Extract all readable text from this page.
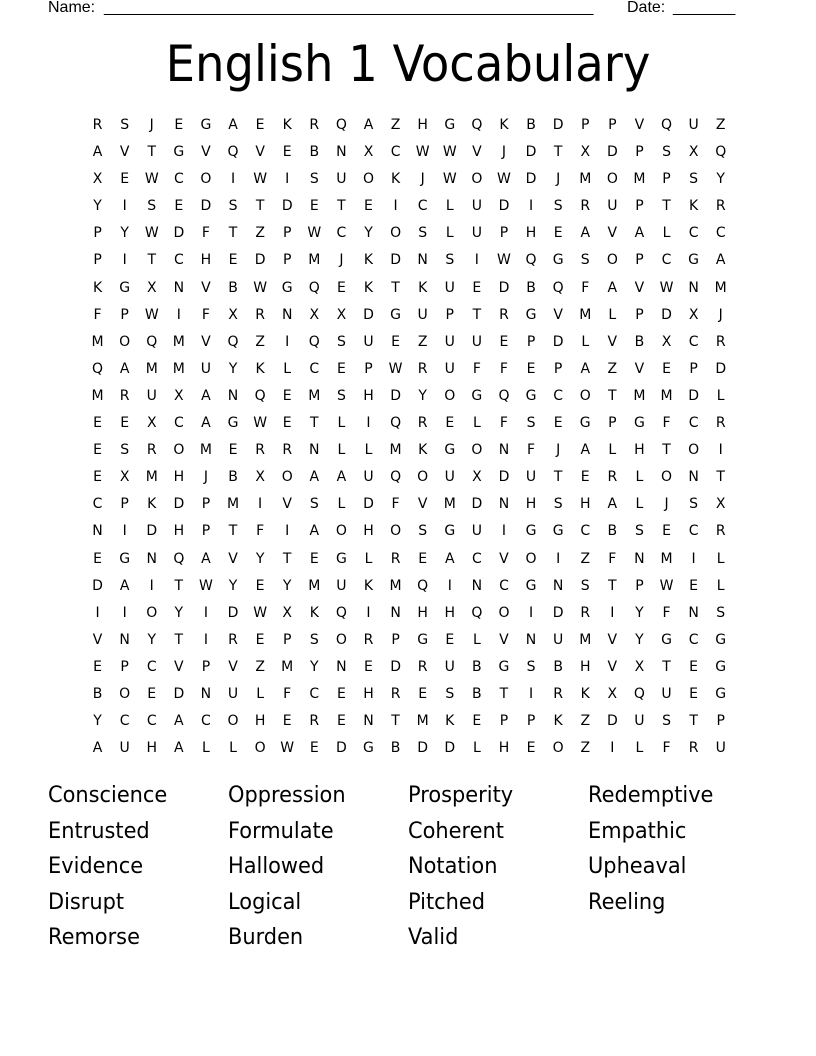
Name: _______________________________________________________ Date: _______
English 1 Vocabulary
R	S	J	E	G	A	E	K	R	Q	A	Z	H	G	Q	K	B	D	P	P	V	Q	U	Z
A	V	T	G	V	Q	V	E	B	N	X	C	W W	V	J	D	T	X	D	P	S	X	Q
X	E	W	C	O	I	W	I	S	U	O	K	J	W	O	W	D	J	M	O	M	P	S	Y
Y	I	S	E	D	S	T	D	E	T	E	I	C	L	U	D	I	S	R	U	P	T	K	R
P	Y	W	D	F	T	Z	P	W	C	Y	O	S	L	U	P	H	E	A	V	A	L	C	C
P	I	T	C	H	E	D	P	M	J	K	D	N	S	I	W	Q	G	S	O	P	C	G	A
K	G	X	N	V	B	W	G	Q	E	K	T	K	U	E	D	B	Q	F	A	V	W	N	M
F	P	W	I	F	X	R	N	X	X	D	G	U	P	T	R	G	V	M	L	P	D	X	J
M	O	Q	M	V	Q	Z	I	Q	S	U	E	Z	U	U	E	P	D	L	V	B	X	C	R
Q	A	M	M	U	Y	K	L	C	E	P	W	R	U	F	F	E	P	A	Z	V	E	P	D
M	R	U	X	A	N	Q	E	M	S	H	D	Y	O	G	Q	G	C	O	T	M	M	D	L
E	E	X	C	A	G	W	E	T	L	I	Q	R	E	L	F	S	E	G	P	G	F	C	R
E	S	R	O	M	E	R	R	N	L	L	M	K	G	O	N	F	J	A	L	H	T	O	I
E	X	M	H	J	B	X	O	A	A	U	Q	O	U	X	D	U	T	E	R	L	O	N	T
C	P	K	D	P	M	I	V	S	L	D	F	V	M	D	N	H	S	H	A	L	J	S	X
N	I	D	H	P	T	F	I	A	O	H	O	S	G	U	I	G	G	C	B	S	E	C	R
E	G	N	Q	A	V	Y	T	E	G	L	R	E	A	C	V	O	I	Z	F	N	M	I	L
D	A	I	T	W	Y	E	Y	M	U	K	M	Q	I	N	C	G	N	S	T	P	W	E	L
I	I	O	Y	I	D	W	X	K	Q	I	N	H	H	Q	O	I	D	R	I	Y	F	N	S
V	N	Y	T	I	R	E	P	S	O	R	P	G	E	L	V	N	U	M	V	Y	G	C	G
E	P	C	V	P	V	Z	M	Y	N	E	D	R	U	B	G	S	B	H	V	X	T	E	G
B	O	E	D	N	U	L	F	C	E	H	R	E	S	B	T	I	R	K	X	Q	U	E	G
Y	C	C	A	C	O	H	E	R	E	N	T	M	K	E	P	P	K	Z	D	U	S	T	P
A	U	H	A	L	L	O	W	E	D	G	B	D	D	L	H	E	O	Z	I	L	F	R	U
Conscience	Oppression	Prosperity	Redemptive
Entrusted	Formulate	Coherent	Empathic
Evidence	Hallowed	Notation	Upheaval
Disrupt	Logical	Pitched	Reeling
Remorse	Burden	Valid
